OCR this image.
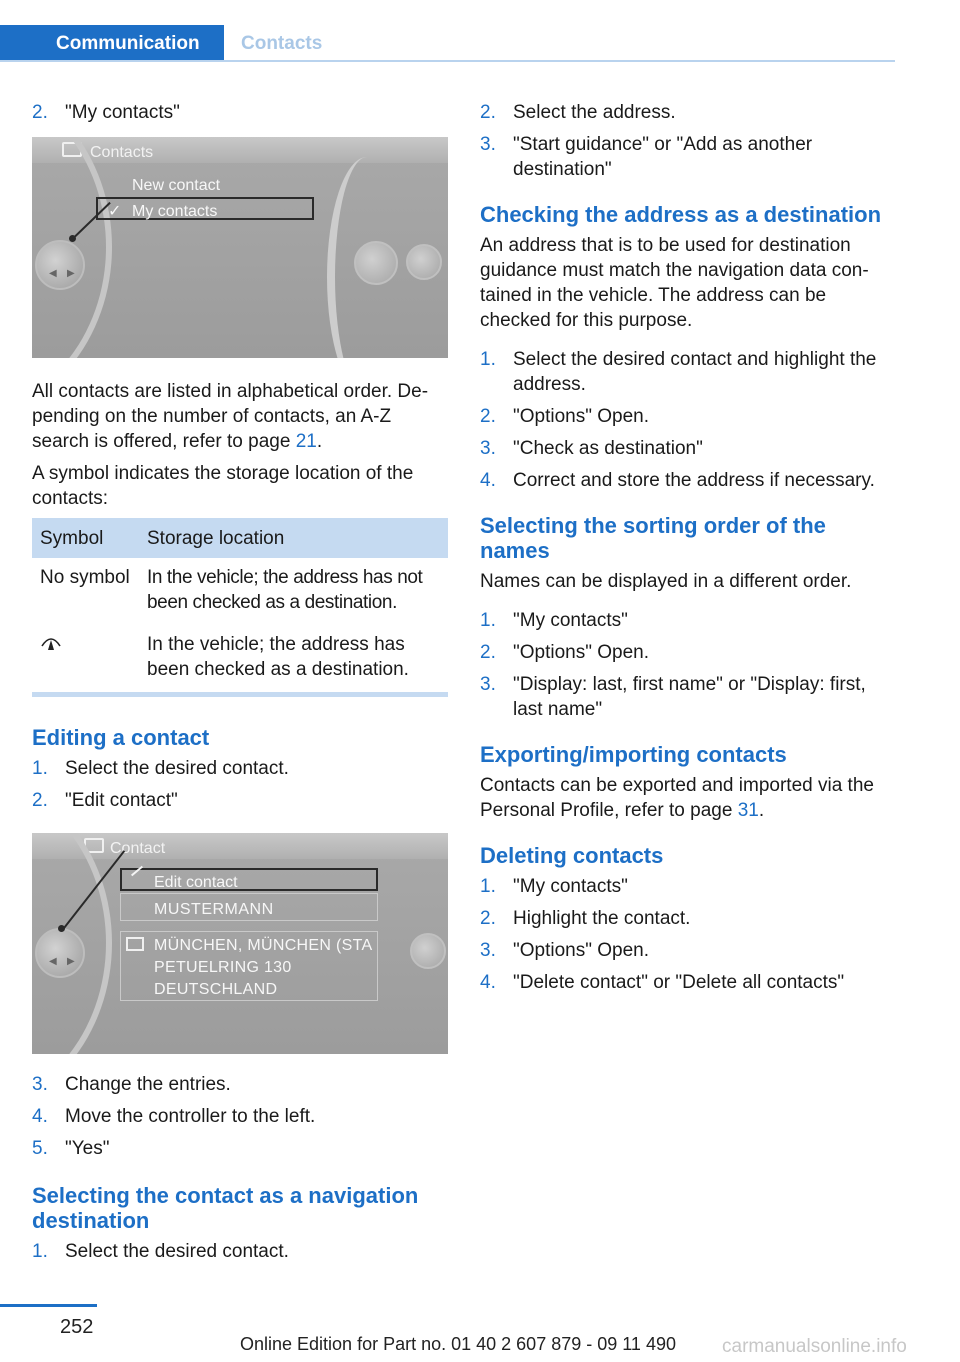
Communication	Contacts
2. "My contacts"
Contacts
◀ ▶
New contact
✓ My contacts

All contacts are listed in alphabetical order. De-pending on the number of contacts, an A-Z search is offered, refer to page 21.

A symbol indicates the storage location of the contacts:

Symbol	Storage location
No symbol In the vehicle; the address has not been checked as a destination.
In the vehicle; the address has been checked as a destination.
Editing a contact
1. Select the desired contact.
2. "Edit contact"
Contact
◀ ▶
Edit contact
MUSTERMANN
MÜNCHEN, MÜNCHEN (STA
PETUELRING 130
DEUTSCHLAND
3. Change the entries.
4. Move the controller to the left.
5. "Yes"
Selecting the contact as a navigation destination
1. Select the desired contact.
2. Select the address.
3. "Start guidance" or "Add as another destination"
Checking the address as a destination

An address that is to be used for destination guidance must match the navigation data con-tained in the vehicle. The address can be checked for this purpose.

1. Select the desired contact and highlight the address.
2. "Options" Open.
3. "Check as destination"
4. Correct and store the address if necessary.
Selecting the sorting order of the names

Names can be displayed in a different order.

1. "My contacts"
2. "Options" Open.
3. "Display: last, first name" or "Display: first, last name"
Exporting/importing contacts

Contacts can be exported and imported via the Personal Profile, refer to page 31.

Deleting contacts
1. "My contacts"
2. Highlight the contact.
3. "Options" Open.
4. "Delete contact" or "Delete all contacts"
252
Online Edition for Part no. 01 40 2 607 879 - 09 11 490 carmanualsonline.info
